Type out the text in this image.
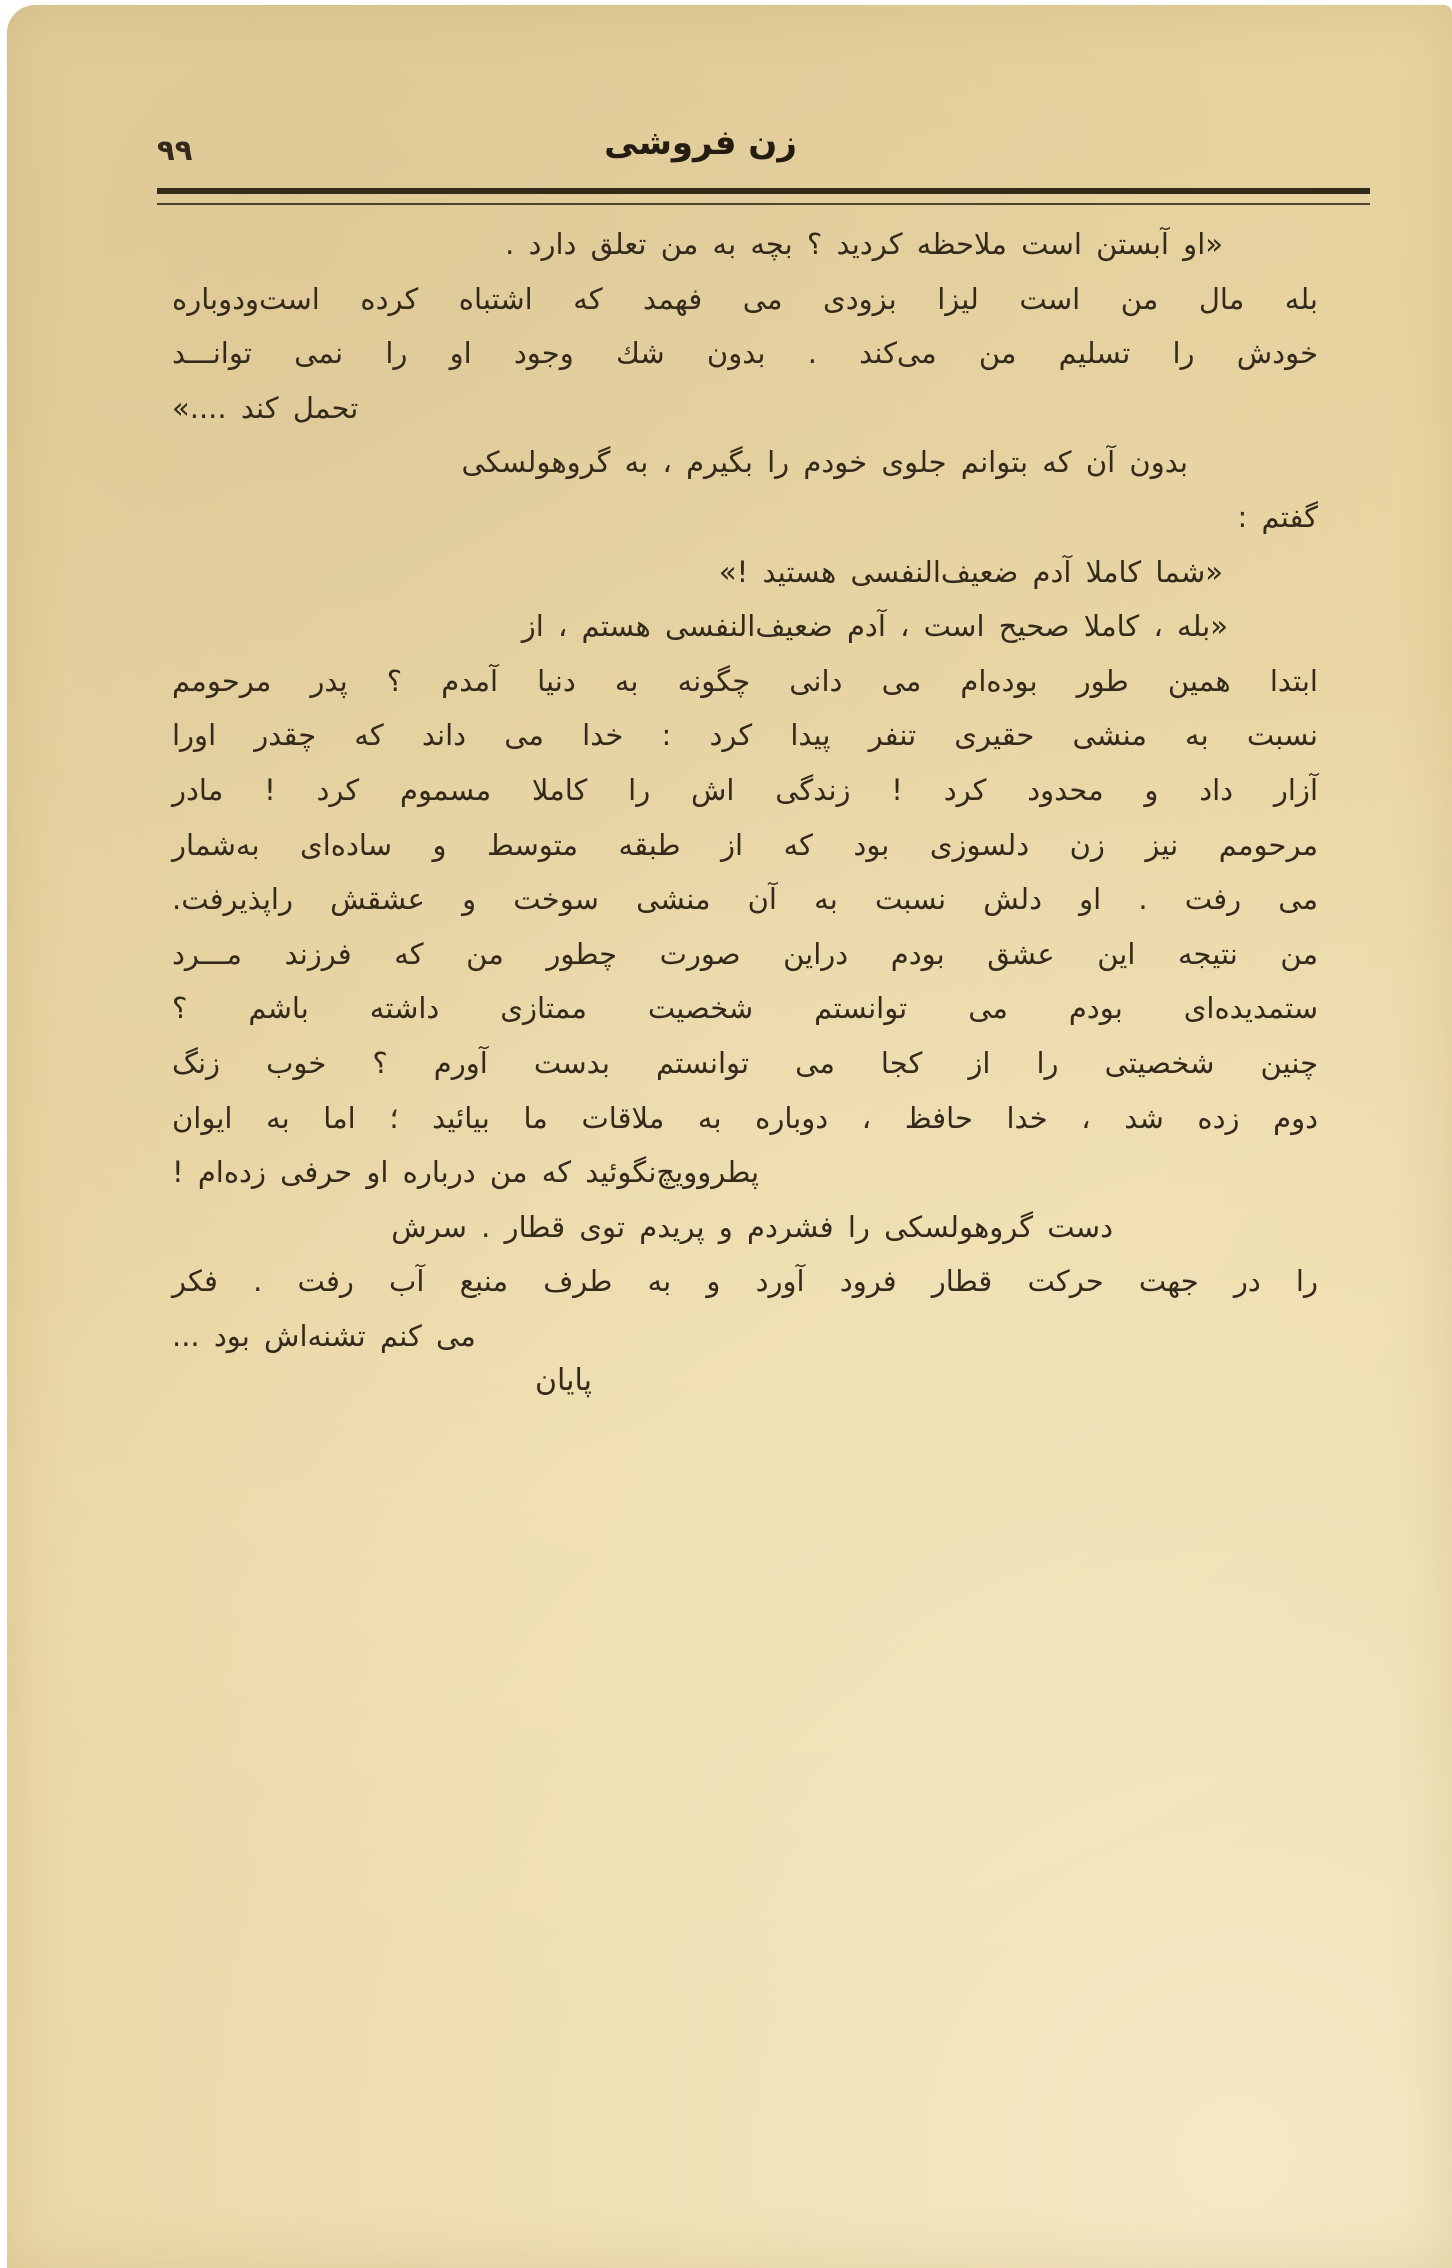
۹۹	زن فروشی
«او آبستن است ملاحظه کردید ؟ بچه به من تعلق دارد .
بله مال من است لیزا بزودی می فهمد که اشتباه کرده است‌ودوباره
خودش را تسلیم من می‌کند . بدون شك وجود او را نمی توانـــد
تحمل کند ....»
بدون آن که بتوانم جلوی خودم را بگیرم ، به گروهولسکی
گفتم :
«شما کاملا آدم ضعیف‌النفسی هستید !»
«بله ، کاملا صحیح است ، آدم ضعیف‌النفسی هستم ، از
ابتدا همین طور بوده‌ام می دانی چگونه به دنیا آمدم ؟ پدر مرحومم
نسبت به منشی حقیری تنفر پیدا کرد : خدا می داند که چقدر اورا
آزار داد و محدود کرد ! زندگی اش را کاملا مسموم کرد ! مادر
مرحومم نیز زن دلسوزی بود که از طبقه متوسط و ساده‌ای به‌شمار
می رفت . او دلش نسبت به آن منشی سوخت و عشقش راپذیرفت.
من نتیجه این عشق بودم دراین صورت چطور من که فرزند مـــرد
ستمدیده‌ای بودم می توانستم شخصیت ممتازی داشته باشم ؟
چنین شخصیتی را از کجا می توانستم بدست آورم ؟ خوب زنگ
دوم زده شد ، خدا حافظ ، دوباره به ملاقات ما بیائید ؛ اما به ایوان
پطروویچ‌نگوئید که من درباره او حرفی زده‌ام !
دست گروهولسکی را فشردم و پریدم توی قطار . سرش
را در جهت حرکت قطار فرود آورد و به طرف منبع آب رفت . فکر
می کنم تشنه‌اش بود ...
پایان
